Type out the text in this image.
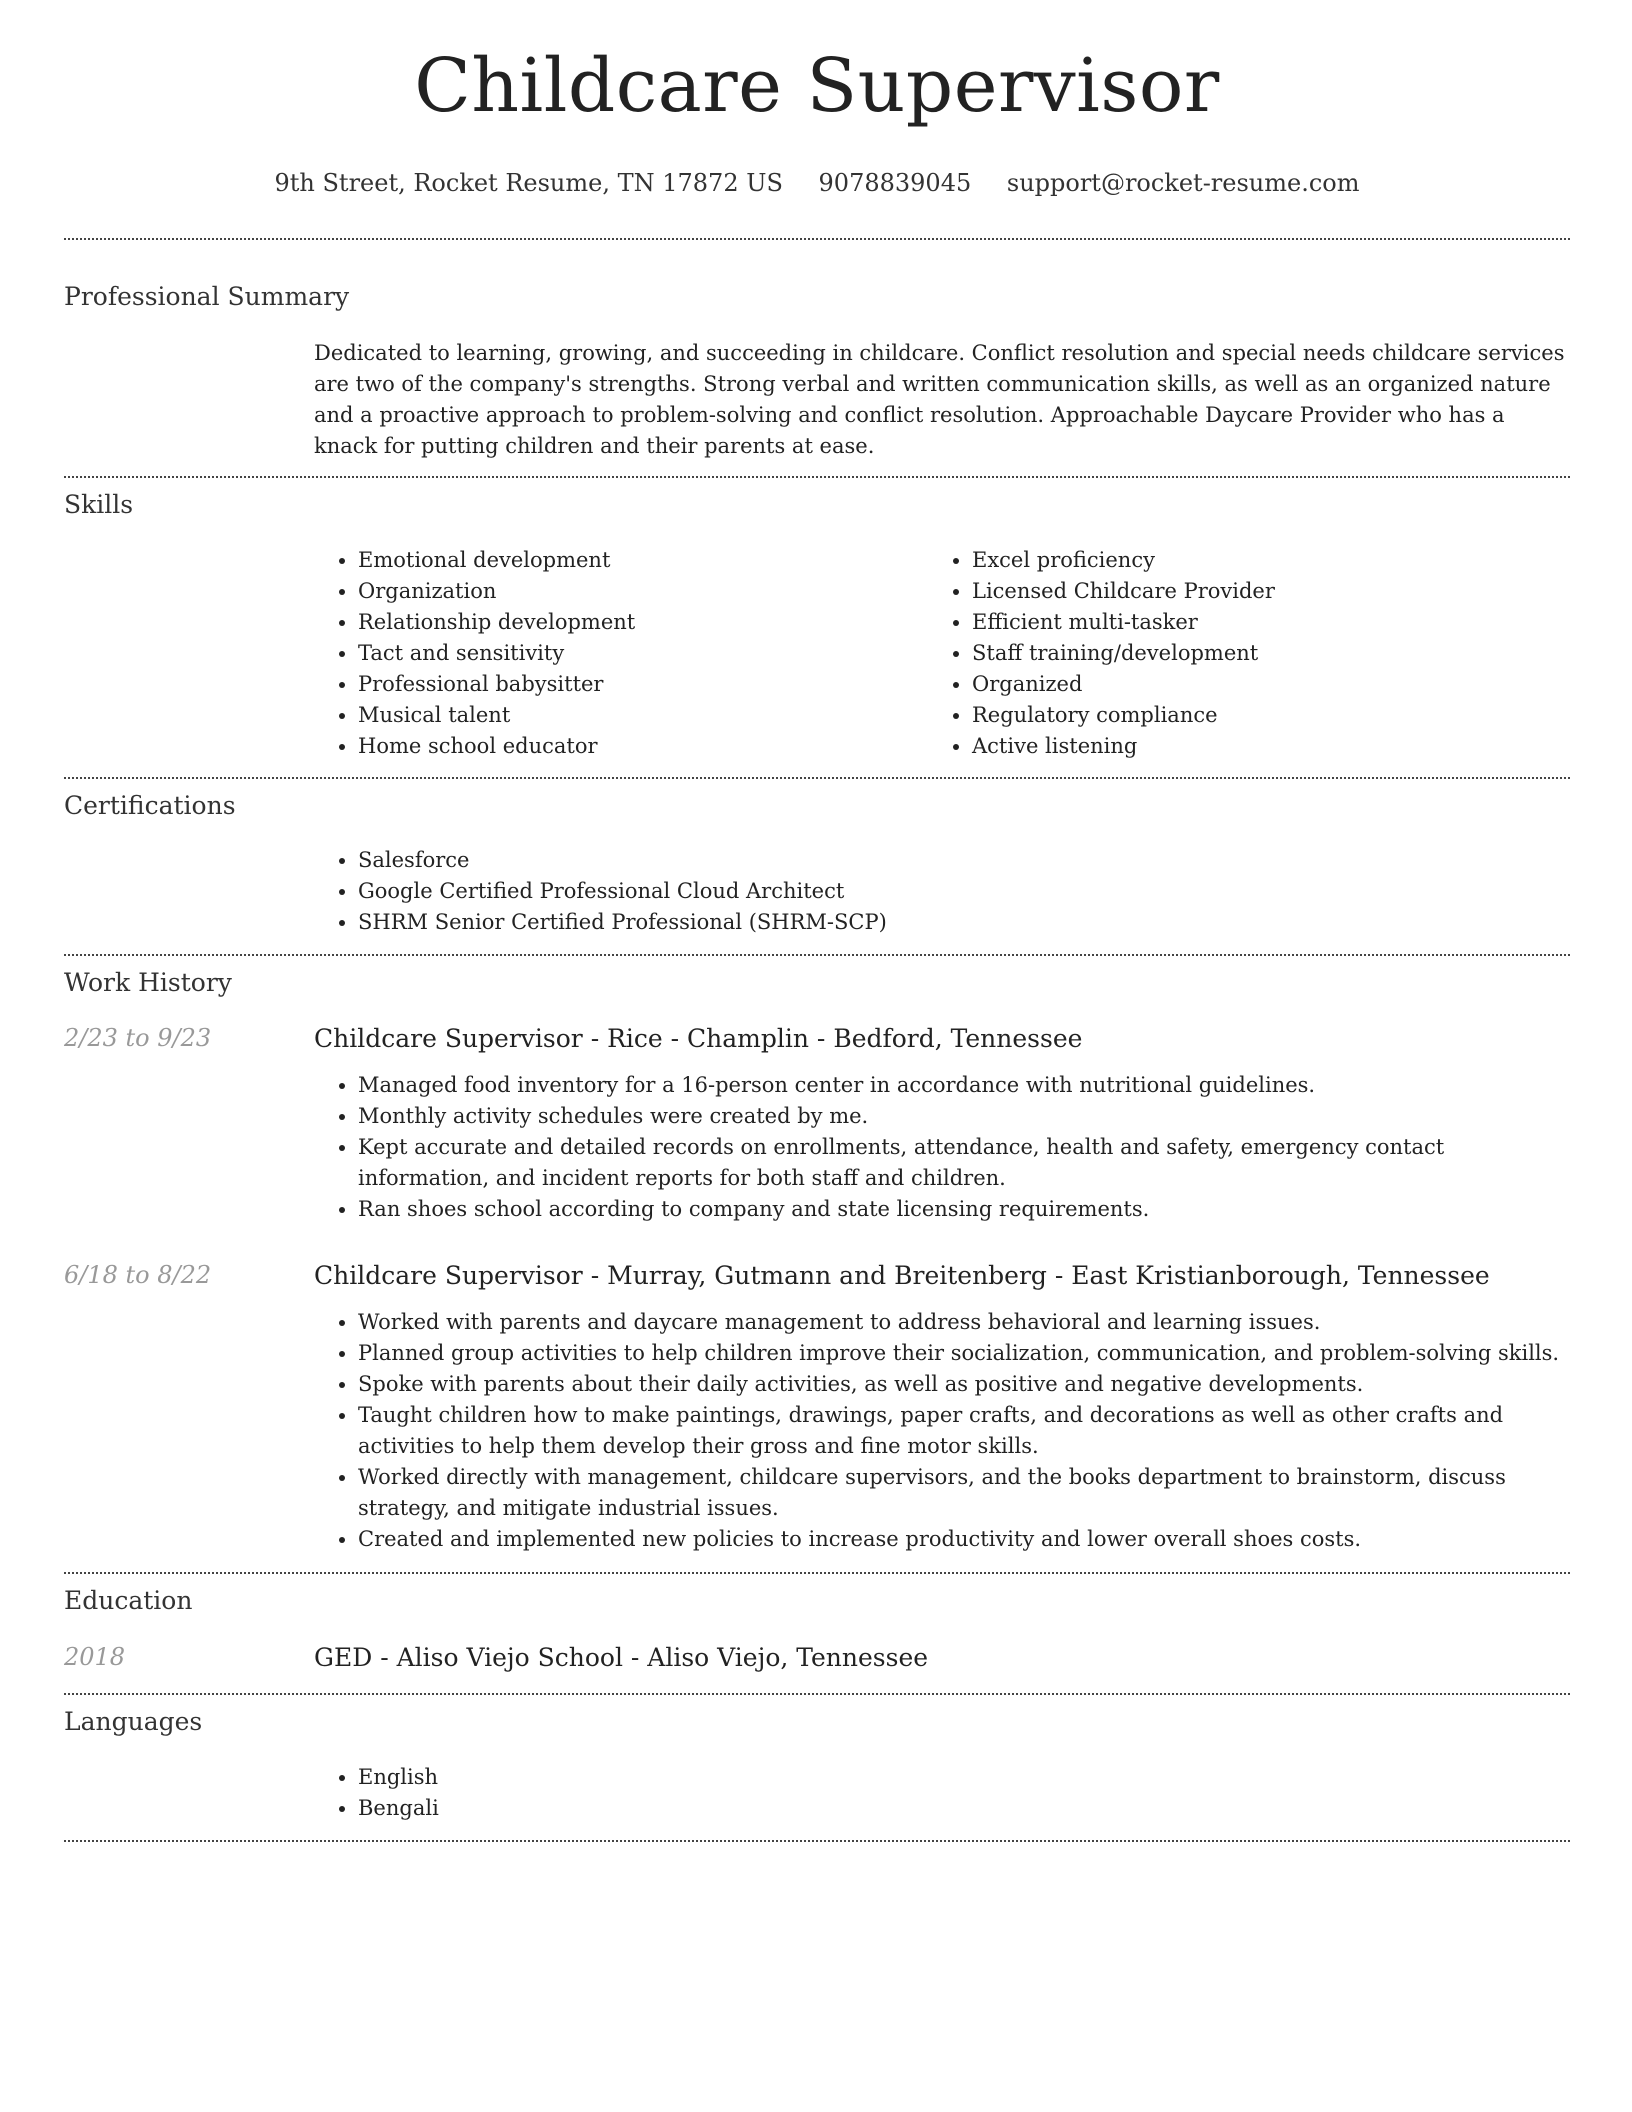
Childcare Supervisor
9th Street, Rocket Resume, TN 17872 US 9078839045 support@rocket-resume.com
Professional Summary

Dedicated to learning, growing, and succeeding in childcare. Conflict resolution and special needs childcare services are two of the company's strengths. Strong verbal and written communication skills, as well as an organized nature and a proactive approach to problem-solving and conflict resolution. Approachable Daycare Provider who has a knack for putting children and their parents at ease.

Skills
• Emotional development
• Organization
• Relationship development
• Tact and sensitivity
• Professional babysitter
• Musical talent
• Home school educator
• Excel proficiency
• Licensed Childcare Provider
• Efficient multi-tasker
• Staff training/development
• Organized
• Regulatory compliance
• Active listening
Certifications
• Salesforce
• Google Certified Professional Cloud Architect
• SHRM Senior Certified Professional (SHRM-SCP)
Work History
2/23 to 9/23	Childcare Supervisor - Rice - Champlin - Bedford, Tennessee
• Managed food inventory for a 16-person center in accordance with nutritional guidelines.
• Monthly activity schedules were created by me.
• Kept accurate and detailed records on enrollments, attendance, health and safety, emergency contact information, and incident reports for both staff and children.
• Ran shoes school according to company and state licensing requirements.
6/18 to 8/22	Childcare Supervisor - Murray, Gutmann and Breitenberg - East Kristianborough, Tennessee
• Worked with parents and daycare management to address behavioral and learning issues.
• Planned group activities to help children improve their socialization, communication, and problem-solving skills.
• Spoke with parents about their daily activities, as well as positive and negative developments.
• Taught children how to make paintings, drawings, paper crafts, and decorations as well as other crafts and activities to help them develop their gross and fine motor skills.
• Worked directly with management, childcare supervisors, and the books department to brainstorm, discuss strategy, and mitigate industrial issues.
• Created and implemented new policies to increase productivity and lower overall shoes costs.
Education
2018	GED - Aliso Viejo School - Aliso Viejo, Tennessee
Languages
• English
• Bengali
